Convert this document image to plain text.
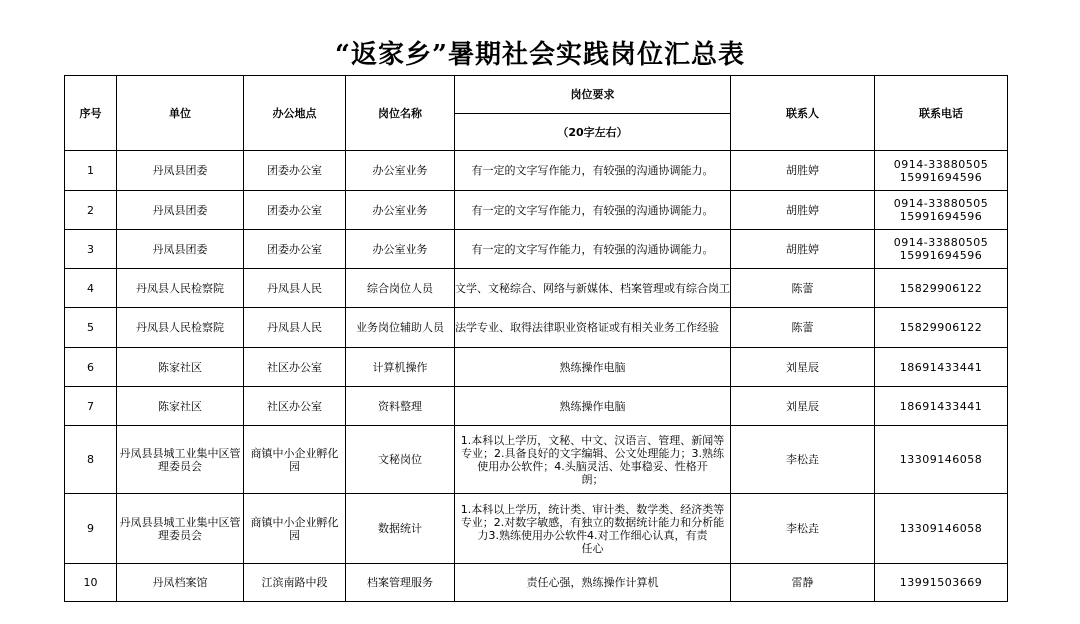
“返家乡”暑期社会实践岗位汇总表
序号	单位	办公地点	岗位名称	岗位要求	联系人	联系电话
				（20字左右）		
1	丹凤县团委	团委办公室	办公室业务	有一定的文字写作能力，有较强的沟通协调能力。	胡胜婷	0914-33880505
15991694596
2	丹凤县团委	团委办公室	办公室业务	有一定的文字写作能力，有较强的沟通协调能力。	胡胜婷	0914-33880505
15991694596
3	丹凤县团委	团委办公室	办公室业务	有一定的文字写作能力，有较强的沟通协调能力。	胡胜婷	0914-33880505
15991694596
4	丹凤县人民检察院	丹凤县人民	综合岗位人员	文学、文秘综合、网络与新媒体、档案管理或有综合岗工	陈蕾	15829906122
5	丹凤县人民检察院	丹凤县人民	业务岗位辅助人员	法学专业、取得法律职业资格证或有相关业务工作经验	陈蕾	15829906122
6	陈家社区	社区办公室	计算机操作	熟练操作电脑	刘星辰	18691433441
7	陈家社区	社区办公室	资料整理	熟练操作电脑	刘星辰	18691433441
8	丹凤县县城工业集中区管理委员会	商镇中小企业孵化园	文秘岗位	1.本科以上学历，文秘、中文、汉语言、管理、新闻等专业；2.具备良好的文字编辑、公文处理能力；3.熟练使用办公软件；4.头脑灵活、处事稳妥、性格开
朗；	李松垚	13309146058
9	丹凤县县城工业集中区管理委员会	商镇中小企业孵化园	数据统计	1.本科以上学历，统计类、审计类、数学类、经济类等专业；2.对数字敏感，有独立的数据统计能力和分析能力3.熟练使用办公软件4.对工作细心认真，有责
任心	李松垚	13309146058
10	丹凤档案馆	江滨南路中段	档案管理服务	责任心强，熟练操作计算机	雷静	13991503669
